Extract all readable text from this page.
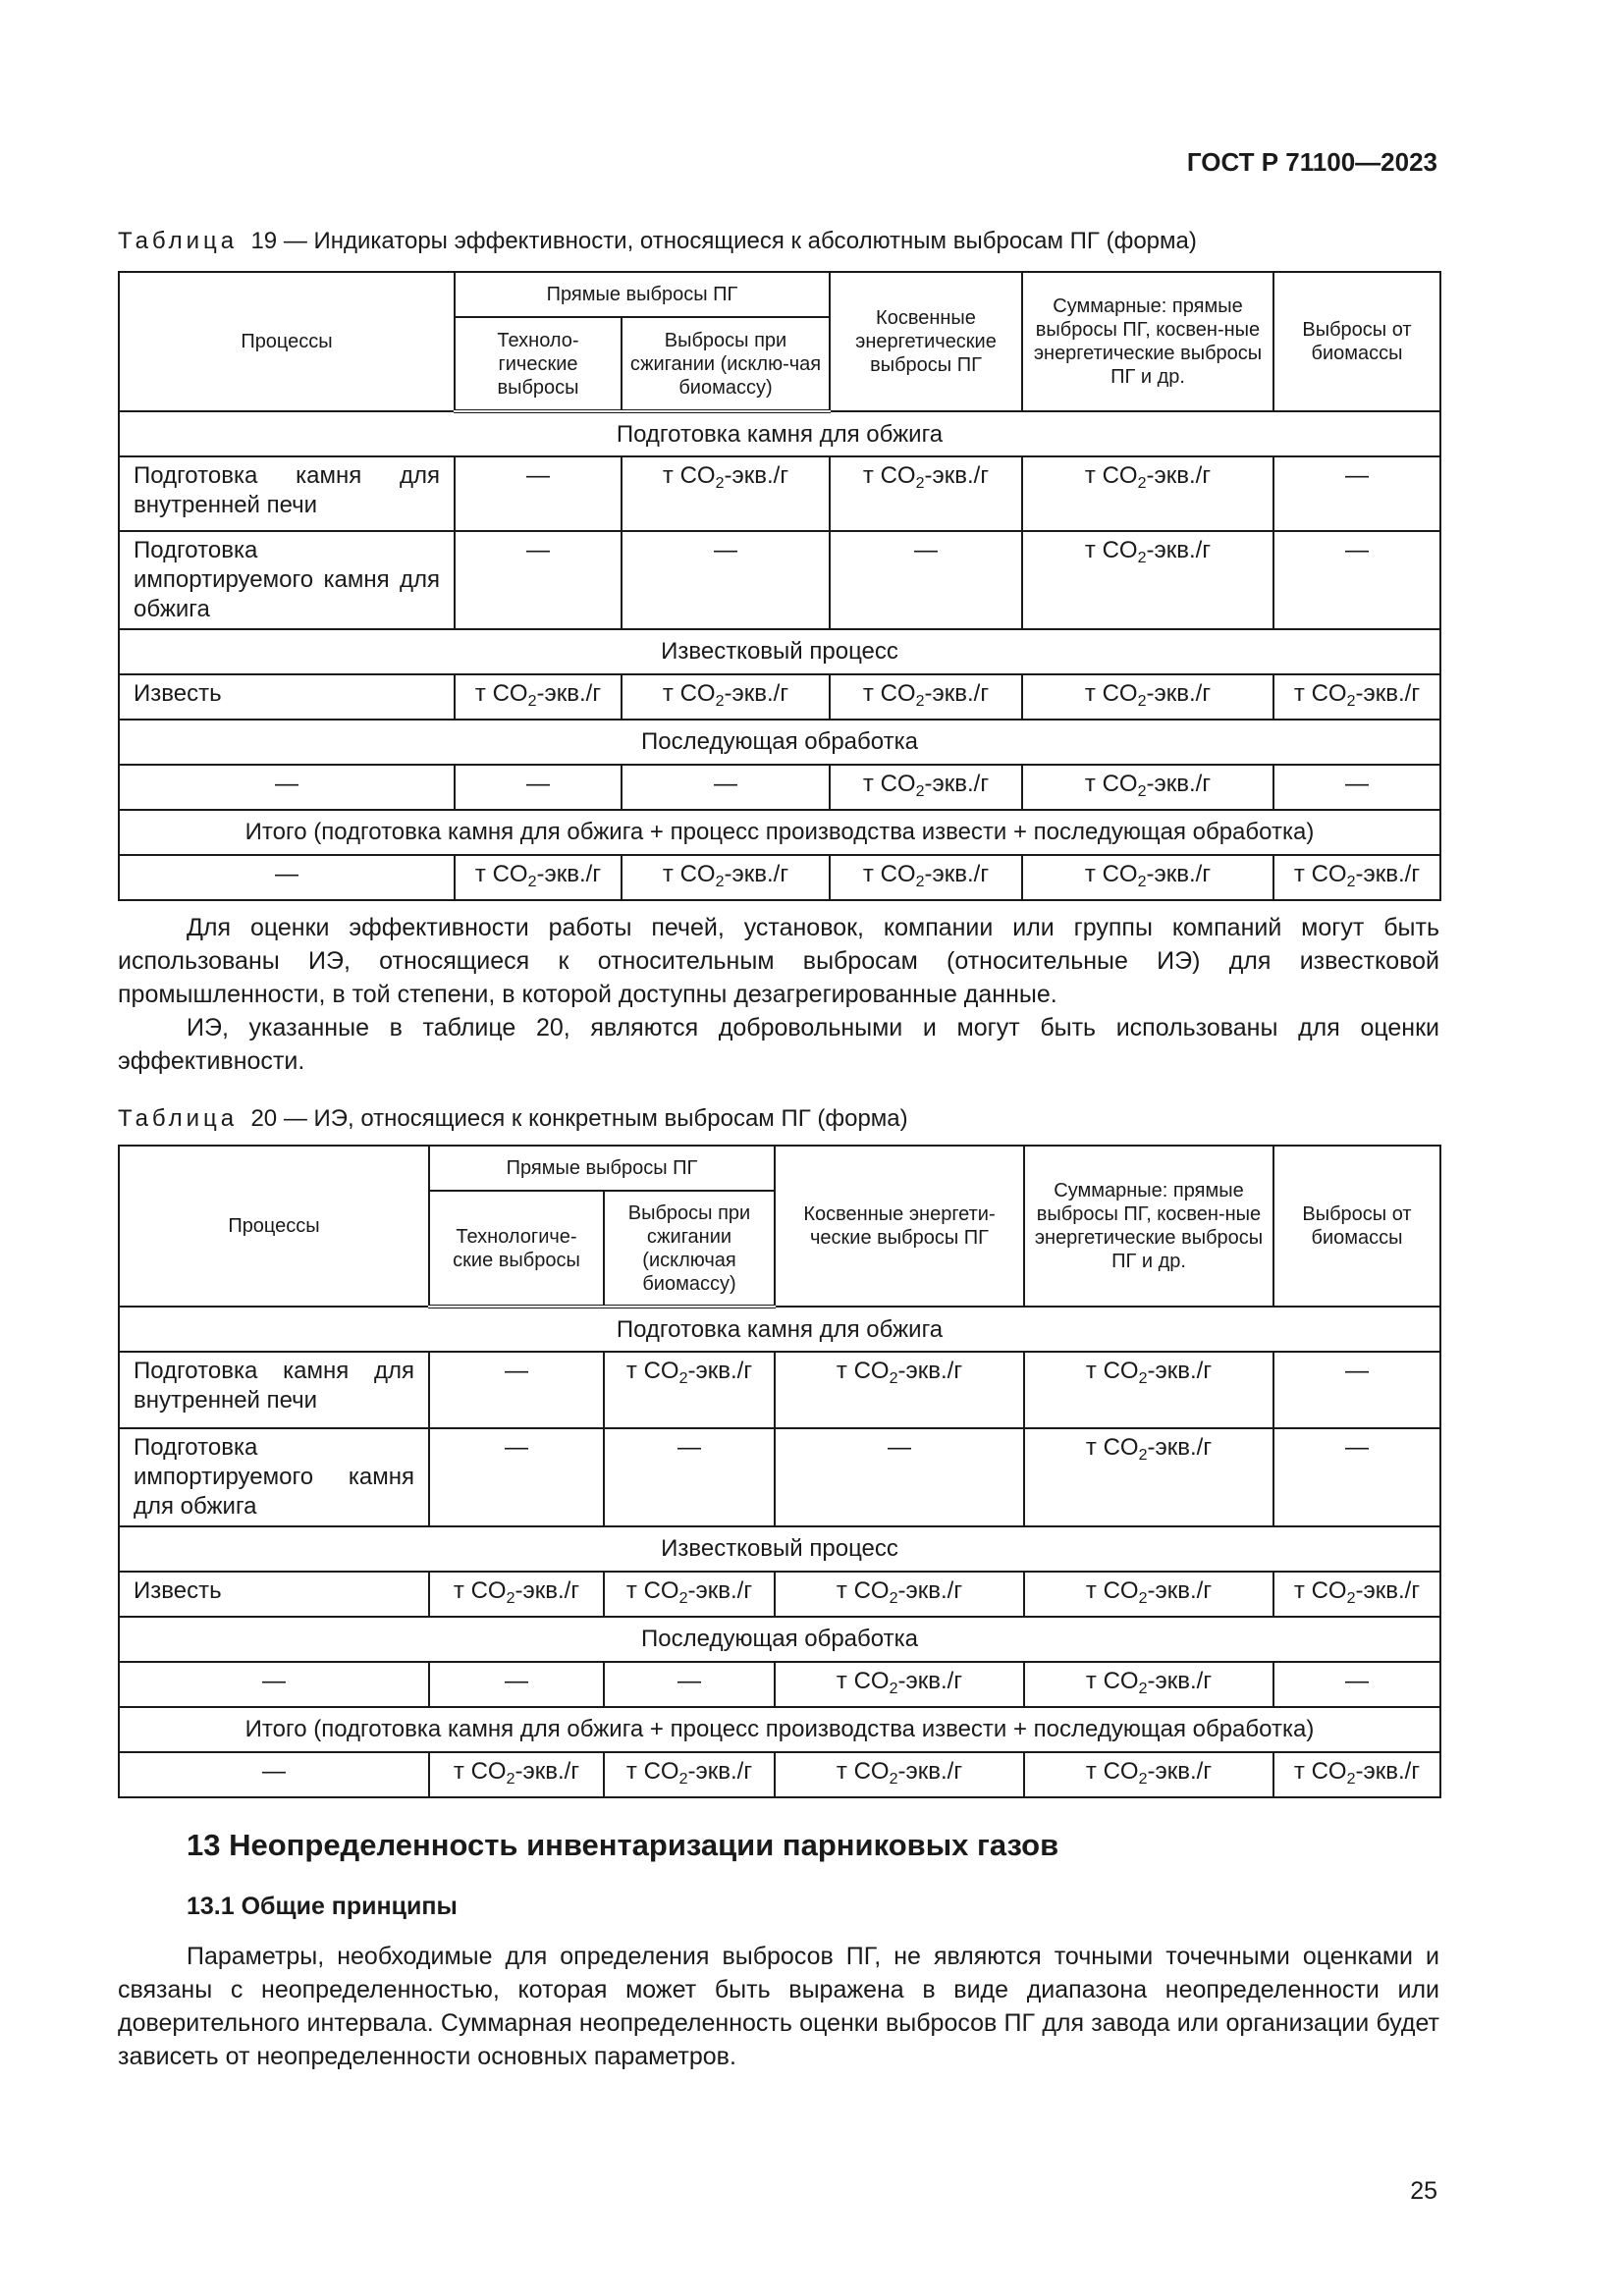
ГОСТ Р 71100—2023
Таблица 19 — Индикаторы эффективности, относящиеся к абсолютным выбросам ПГ (форма)
Процессы	Прямые выбросы ПГ		Косвенные энергетические выбросы ПГ	Суммарные: прямые выбросы ПГ, косвен-ные энергетические выбросы ПГ и др.	Выбросы от биомассы
	Техноло-гические выбросы	Выбросы при сжигании (исклю-чая биомассу)			
Подготовка камня для обжига					
Подготовка камня для внутренней печи	—	т $CO_2-экв./г$	т $CO_2-экв./г$	т $CO_2-экв./г$	—
Подготовка импортируемого камня для обжига	—	—	—	т $CO_2-экв./г$	—
Известковый процесс					
Известь	т $CO_2-экв./г$	т $CO_2-экв./г$	т $CO_2-экв./г$	т $CO_2-экв./г$	т $CO_2-экв./г$
Последующая обработка					
—	—	—	т $CO_2-экв./г$	т $CO_2-экв./г$	—
Итого (подготовка камня для обжига + процесс производства извести + последующая обработка)					
—	т $CO_2-экв./г$	т $CO_2-экв./г$	т $CO_2-экв./г$	т $CO_2-экв./г$	т $CO_2-экв./г$

Для оценки эффективности работы печей, установок, компании или группы компаний могут быть использованы ИЭ, относящиеся к относительным выбросам (относительные ИЭ) для известковой промышленности, в той степени, в которой доступны дезагрегированные данные.

ИЭ, указанные в таблице 20, являются добровольными и могут быть использованы для оценки эффективности.

Таблица 20 — ИЭ, относящиеся к конкретным выбросам ПГ (форма)
Процессы	Прямые выбросы ПГ		Косвенные энергети-ческие выбросы ПГ	Суммарные: прямые выбросы ПГ, косвен-ные энергетические выбросы ПГ и др.	Выбросы от биомассы
	Технологиче-ские выбросы	Выбросы при сжигании (исключая биомассу)			
Подготовка камня для обжига					
Подготовка камня для внутренней печи	—	т $CO_2-экв./г$	т $CO_2-экв./г$	т $CO_2-экв./г$	—
Подготовка импортируемого камня для обжига	—	—	—	т $CO_2-экв./г$	—
Известковый процесс					
Известь	т $CO_2-экв./г$	т $CO_2-экв./г$	т $CO_2-экв./г$	т $CO_2-экв./г$	т $CO_2-экв./г$
Последующая обработка					
—	—	—	т $CO_2-экв./г$	т $CO_2-экв./г$	—
Итого (подготовка камня для обжига + процесс производства извести + последующая обработка)					
—	т $CO_2-экв./г$	т $CO_2-экв./г$	т $CO_2-экв./г$	т $CO_2-экв./г$	т $CO_2-экв./г$
13 Неопределенность инвентаризации парниковых газов
13.1 Общие принципы

Параметры, необходимые для определения выбросов ПГ, не являются точными точечными оценками и связаны с неопределенностью, которая может быть выражена в виде диапазона неопределенности или доверительного интервала. Суммарная неопределенность оценки выбросов ПГ для завода или организации будет зависеть от неопределенности основных параметров.

25
